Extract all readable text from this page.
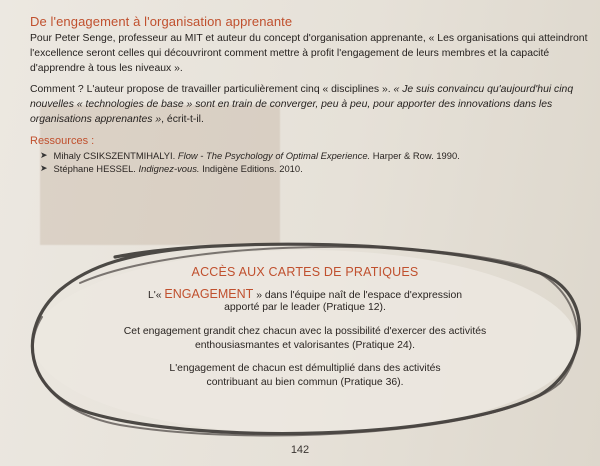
De l'engagement à l'organisation apprenante

Pour Peter Senge, professeur au MIT et auteur du concept d'organisation apprenante, « Les organisations qui atteindront l'excellence seront celles qui découvriront comment mettre à profit l'engagement de leurs membres et la capacité d'apprendre à tous les niveaux ».

Comment ? L'auteur propose de travailler particulièrement cinq « disciplines ». « Je suis convaincu qu'aujourd'hui cinq nouvelles « technologies de base » sont en train de converger, peu à peu, pour apporter des innovations dans les organisations apprenantes », écrit-t-il.

Ressources :
➤ Mihaly CSIKSZENTMIHALYI. Flow - The Psychology of Optimal Experience. Harper & Row. 1990.
➤ Stéphane HESSEL. Indignez-vous. Indigène Editions. 2010.
ACCÈS AUX CARTES DE PRATIQUES
L'« ENGAGEMENT » dans l'équipe naît de l'espace d'expression
apporté par le leader (Pratique 12).
Cet engagement grandit chez chacun avec la possibilité d'exercer des activités
enthousiasmantes et valorisantes (Pratique 24).
L'engagement de chacun est démultiplié dans des activités
contribuant au bien commun (Pratique 36).
142
